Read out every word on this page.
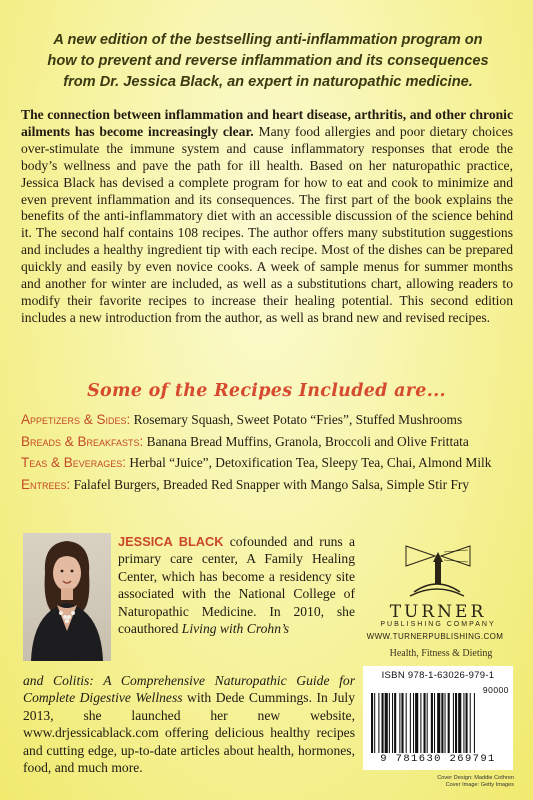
A new edition of the bestselling anti-inflammation program on
how to prevent and reverse inflammation and its consequences
from Dr. Jessica Black, an expert in naturopathic medicine.

The connection between inflammation and heart disease, arthritis, and other chronic ailments has become increasingly clear. Many food allergies and poor dietary choices over-stimulate the immune system and cause inflammatory responses that erode the body’s wellness and pave the path for ill health. Based on her naturopathic practice, Jessica Black has devised a complete program for how to eat and cook to minimize and even prevent inflammation and its consequences. The first part of the book explains the benefits of the anti-inflammatory diet with an accessible discussion of the science behind it. The second half contains 108 recipes. The author offers many substitution suggestions and includes a healthy ingredient tip with each recipe. Most of the dishes can be prepared quickly and easily by even novice cooks. A week of sample menus for summer months and another for winter are included, as well as a substitutions chart, allowing readers to modify their favorite recipes to increase their healing potential. This second edition includes a new introduction from the author, as well as brand new and revised recipes.

Some of the Recipes Included are...
Appetizers & Sides: Rosemary Squash, Sweet Potato “Fries”, Stuffed Mushrooms
Breads & Breakfasts: Banana Bread Muffins, Granola, Broccoli and Olive Frittata
Teas & Beverages: Herbal “Juice”, Detoxification Tea, Sleepy Tea, Chai, Almond Milk
Entrees: Falafel Burgers, Breaded Red Snapper with Mango Salsa, Simple Stir Fry

JESSICA BLACK cofounded and runs a primary care center, A Family Healing Center, which has become a residency site associated with the National College of Naturopathic Medicine. In 2010, she coauthored Living with Crohn’s

and Colitis: A Comprehensive Naturopathic Guide for Complete Digestive Wellness with Dede Cummings. In July 2013, she launched her new website, www.drjessicablack.com offering delicious healthy recipes and cutting edge, up-to-date articles about health, hormones, food, and much more.

TURNER
PUBLISHING COMPANY
WWW.TURNERPUBLISHING.COM
Health, Fitness & Dieting
ISBN 978-1-63026-979-1
90000
9 781630 269791
Cover Design: Maddie Cothren
Cover Image: Getty Images
